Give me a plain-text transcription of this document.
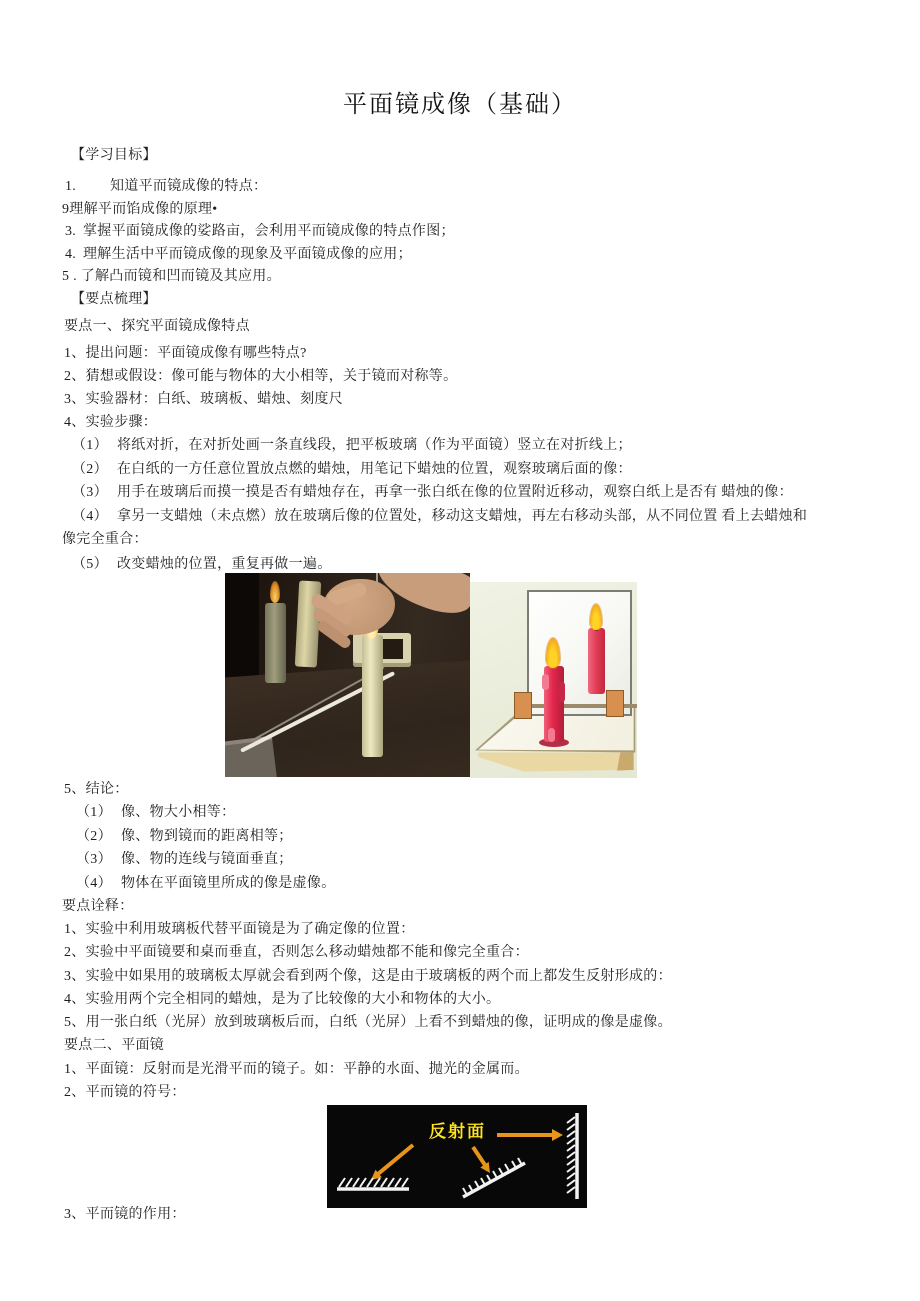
平面镜成像（基础）
【学习目标】
1. 知道平而镜成像的特点：
9理解平而馅成像的原理•
3. 掌握平面镜成像的娑路亩，会利用平而镜成像的特点作图；
4. 理解生活中平而镜成像的现象及平面镜成像的应用；
5 . 了解凸而镜和凹而镜及其应用。
【要点梳理】
要点一、探究平面镜成像特点
1、提出问题：平面镜成像有哪些特点?
2、猜想或假设：像可能与物体的大小相等，关于镜而对称等。
3、实验器材：白纸、玻璃板、蜡烛、刻度尺
4、实验步骤：
（1） 将纸对折，在对折处画一条直线段，把平板玻璃（作为平面镜）竖立在对折线上；
（2） 在白纸的一方任意位置放点燃的蜡烛，用笔记下蜡烛的位置，观察玻璃后面的像：
（3） 用手在玻璃后而摸一摸是否有蜡烛存在，再拿一张白纸在像的位置附近移动，观察白纸上是否有 蜡烛的像：
（4） 拿另一支蜡烛（未点燃）放在玻璃后像的位置处，移动这支蜡烛，再左右移动头部，从不同位置 看上去蜡烛和
像完全重合：
（5） 改变蜡烛的位置，重复再做一遍。
5、结论：
（1） 像、物大小相等：
（2） 像、物到镜而的距离相等；
（3） 像、物的连线与镜面垂直；
（4） 物体在平面镜里所成的像是虚像。
要点诠释：
1、实验中利用玻璃板代替平面镜是为了确定像的位置：
2、实验中平面镜要和桌而垂直，否则怎么移动蜡烛都不能和像完全重合：
3、实验中如果用的玻璃板太厚就会看到两个像，这是由于玻璃板的两个而上都发生反射形成的：
4、实验用两个完全相同的蜡烛，是为了比较像的大小和物体的大小。
5、用一张白纸（光屏）放到玻璃板后而，白纸（光屏）上看不到蜡烛的像，证明成的像是虚像。
要点二、平面镜
1、平面镜：反射而是光滑平而的镜子。如：平静的水面、抛光的金属而。
2、平而镜的符号：
反射面
3、平而镜的作用：
